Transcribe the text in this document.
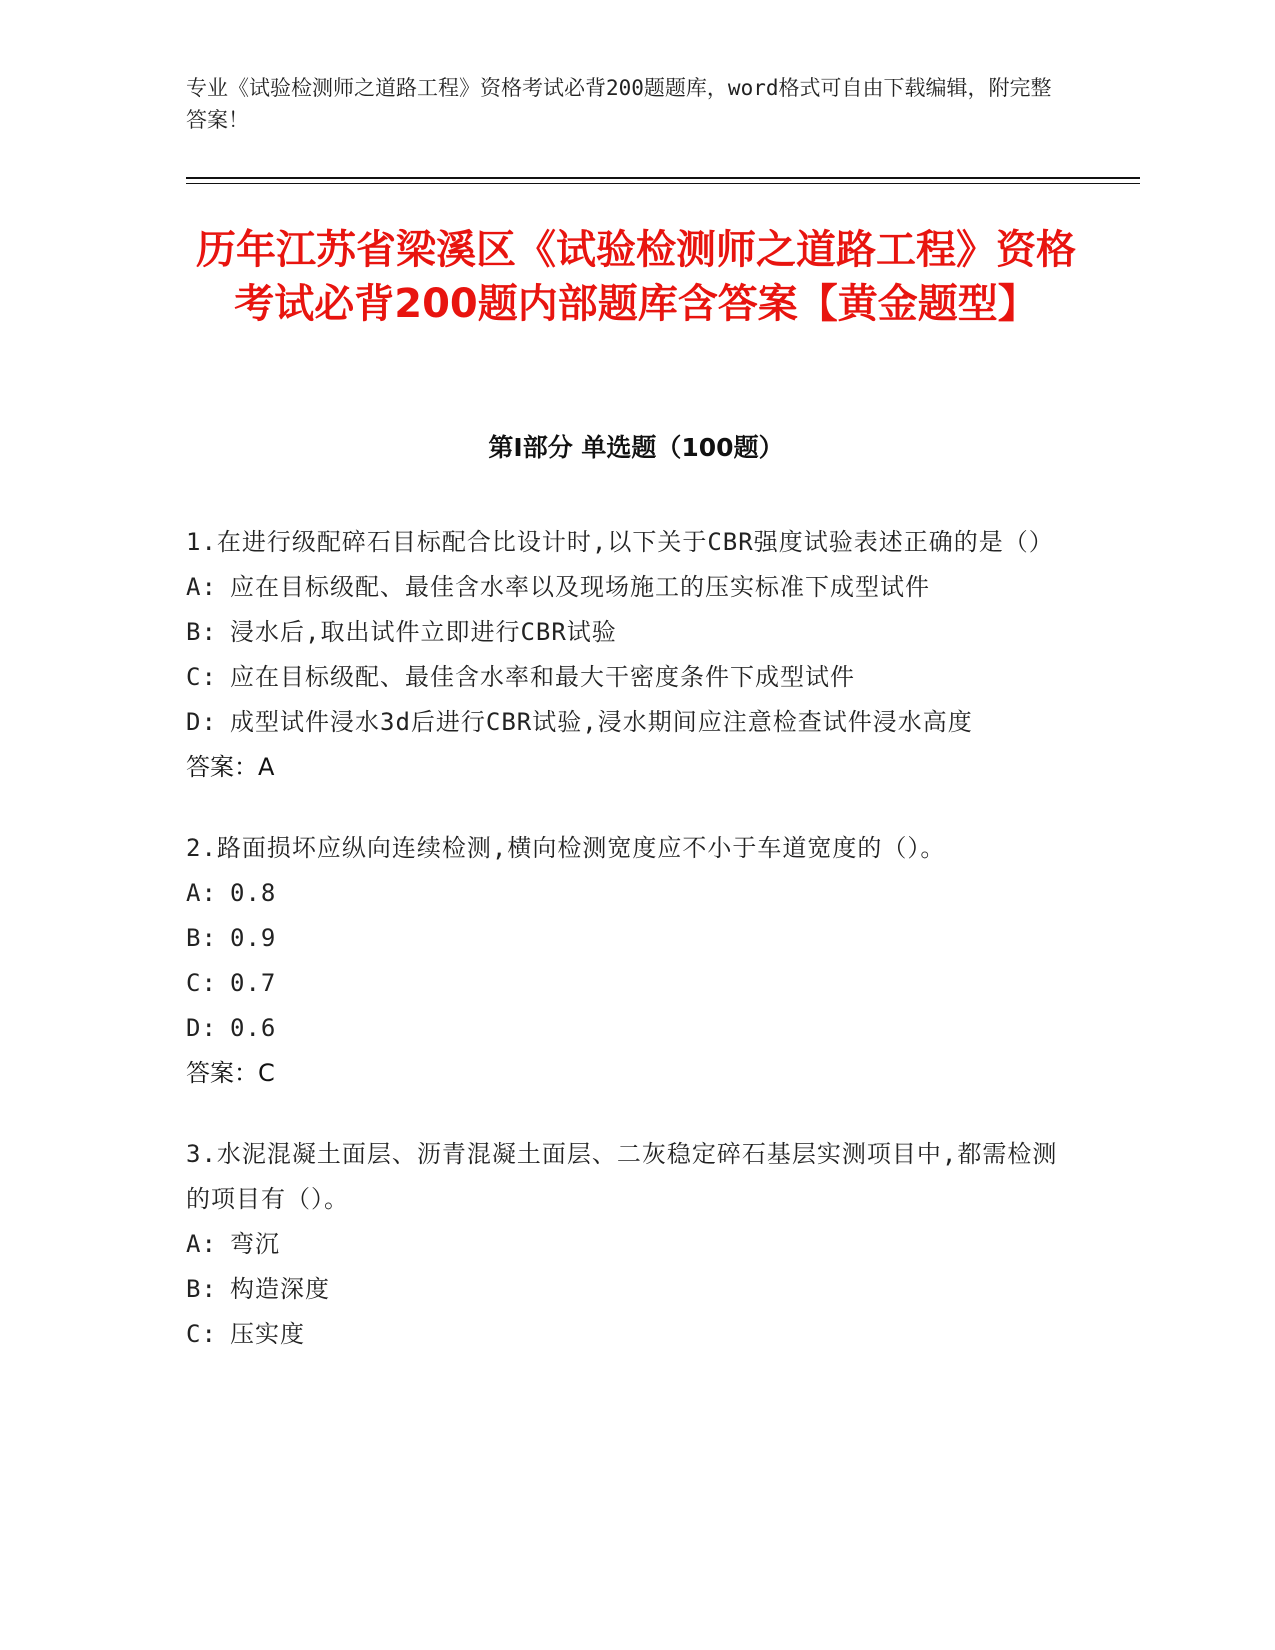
专业《试验检测师之道路工程》资格考试必背200题题库，word格式可自由下载编辑，附完整答案！
历年江苏省梁溪区《试验检测师之道路工程》资格考试必背200题内部题库含答案【黄金题型】
第I部分 单选题（100题）
1.在进行级配碎石目标配合比设计时,以下关于CBR强度试验表述正确的是（）
A: 应在目标级配、最佳含水率以及现场施工的压实标准下成型试件
B: 浸水后,取出试件立即进行CBR试验
C: 应在目标级配、最佳含水率和最大干密度条件下成型试件
D: 成型试件浸水3d后进行CBR试验,浸水期间应注意检查试件浸水高度
答案：A
2.路面损坏应纵向连续检测,横向检测宽度应不小于车道宽度的（）。
A: 0.8
B: 0.9
C: 0.7
D: 0.6
答案：C
3.水泥混凝土面层、沥青混凝土面层、二灰稳定碎石基层实测项目中,都需检测的项目有（）。
A: 弯沉
B: 构造深度
C: 压实度
